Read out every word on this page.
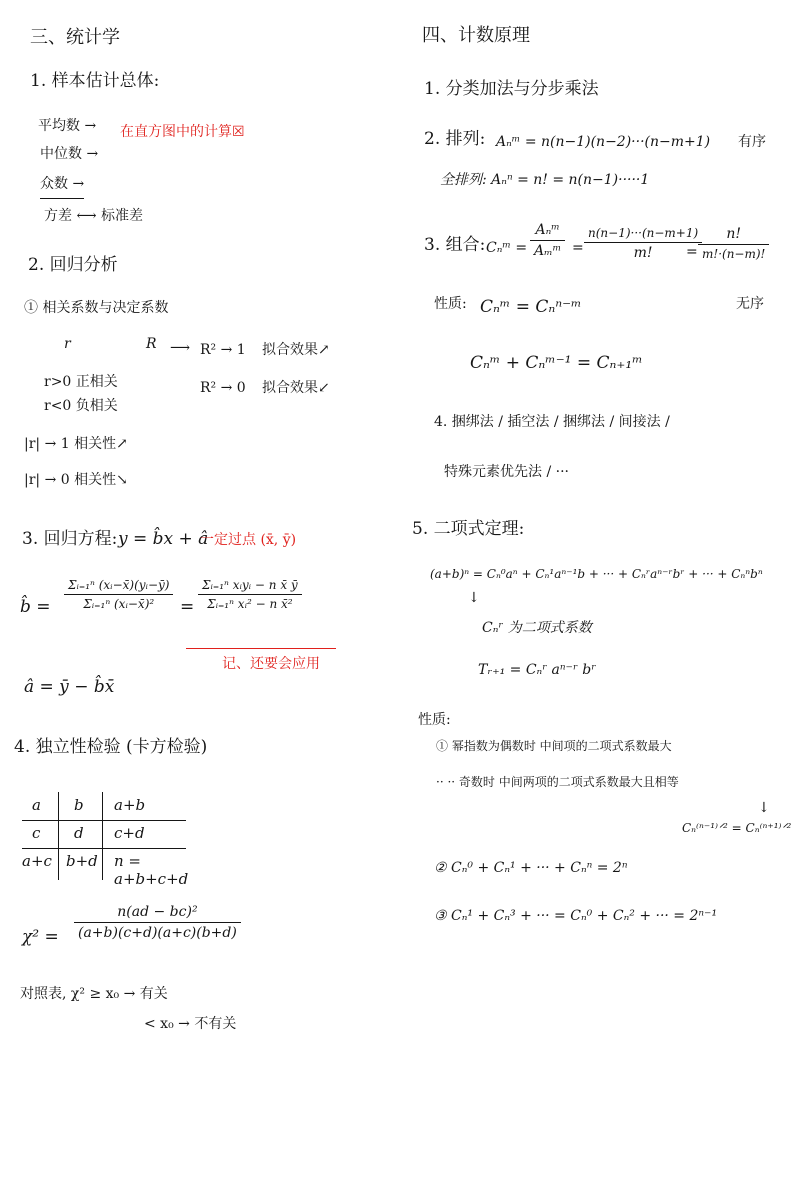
三、统计学
1. 样本估计总体:
平均数 → 在直方图中的计算☒
中位数 →
众数 →
方差 ⟷ 标准差
2. 回归分析
① 相关系数与决定系数
r	R ⟶ R² → 1 拟合效果↗
R² → 0 拟合效果↙
r>0 正相关
r<0 负相关
|r| → 1 相关性↗
|r| → 0 相关性↘
3. 回归方程: y = b̂x + â
一定过点 (x̄, ȳ)
b̂ =
Σᵢ₌₁ⁿ (xᵢ−x̄)(yᵢ−ȳ)
Σᵢ₌₁ⁿ (xᵢ−x̄)² =
Σᵢ₌₁ⁿ xᵢyᵢ − n x̄ ȳ
Σᵢ₌₁ⁿ xᵢ² − n x̄²
记、还要会应用
â = ȳ − b̂x̄
4. 独立性检验 (卡方检验)
a b a+b
c d c+d
a+c b+d n = a+b+c+d
χ² =
n(ad − bc)²
(a+b)(c+d)(a+c)(b+d)
对照表, χ² ≥ x₀ → 有关
< x₀ → 不有关
四、计数原理
1. 分类加法与分步乘法
2. 排列: Aₙᵐ = n(n−1)(n−2)···(n−m+1) 有序
全排列: Aₙⁿ = n! = n(n−1)·····1
3. 组合: Cₙᵐ =
Aₙᵐ
Aₘᵐ =
n(n−1)···(n−m+1)
m! =
n!
m!·(n−m)!
性质: Cₙᵐ = Cₙⁿ⁻ᵐ	无序
Cₙᵐ + Cₙᵐ⁻¹ = Cₙ₊₁ᵐ
4. 捆绑法 / 插空法 / 捆绑法 / 间接法 /
特殊元素优先法 / ···
5. 二项式定理:
(a+b)ⁿ = Cₙ⁰aⁿ + Cₙ¹aⁿ⁻¹b + ··· + Cₙʳaⁿ⁻ʳbʳ + ··· + Cₙⁿbⁿ
↓
Cₙʳ 为二项式系数
Tᵣ₊₁ = Cₙʳ aⁿ⁻ʳ bʳ
性质:
① 幂指数为偶数时 中间项的二项式系数最大
·· ·· 奇数时 中间两项的二项式系数最大且相等
↓
Cₙ⁽ⁿ⁻¹⁾ᐟ² = Cₙ⁽ⁿ⁺¹⁾ᐟ²
② Cₙ⁰ + Cₙ¹ + ··· + Cₙⁿ = 2ⁿ
③ Cₙ¹ + Cₙ³ + ··· = Cₙ⁰ + Cₙ² + ··· = 2ⁿ⁻¹
